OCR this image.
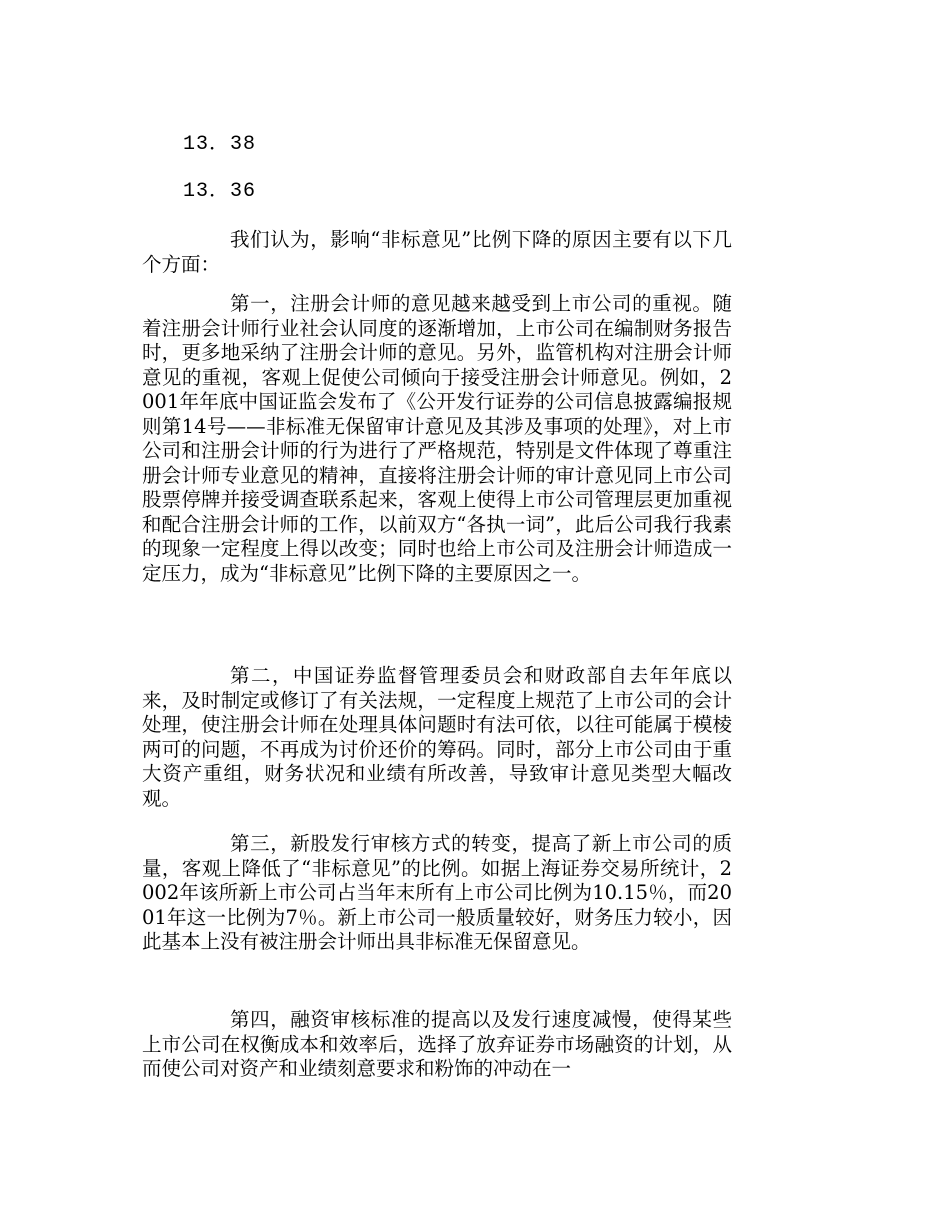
13．38
13．36

我们认为，影响“非标意见”比例下降的原因主要有以下几个方面：

第一，注册会计师的意见越来越受到上市公司的重视。随着注册会计师行业社会认同度的逐渐增加，上市公司在编制财务报告时，更多地采纳了注册会计师的意见。另外，监管机构对注册会计师意见的重视，客观上促使公司倾向于接受注册会计师意见。例如，2001年年底中国证监会发布了《公开发行证券的公司信息披露编报规则第14号——非标准无保留审计意见及其涉及事项的处理》，对上市公司和注册会计师的行为进行了严格规范，特别是文件体现了尊重注册会计师专业意见的精神，直接将注册会计师的审计意见同上市公司股票停牌并接受调查联系起来，客观上使得上市公司管理层更加重视和配合注册会计师的工作，以前双方“各执一词”，此后公司我行我素的现象一定程度上得以改变；同时也给上市公司及注册会计师造成一定压力，成为“非标意见”比例下降的主要原因之一。

第二，中国证券监督管理委员会和财政部自去年年底以来，及时制定或修订了有关法规，一定程度上规范了上市公司的会计处理，使注册会计师在处理具体问题时有法可依，以往可能属于模棱两可的问题，不再成为讨价还价的筹码。同时，部分上市公司由于重大资产重组，财务状况和业绩有所改善，导致审计意见类型大幅改观。

第三，新股发行审核方式的转变，提高了新上市公司的质量，客观上降低了“非标意见”的比例。如据上海证券交易所统计，2002年该所新上市公司占当年末所有上市公司比例为10.15％，而2001年这一比例为7％。新上市公司一般质量较好，财务压力较小，因此基本上没有被注册会计师出具非标准无保留意见。

第四，融资审核标准的提高以及发行速度减慢，使得某些上市公司在权衡成本和效率后，选择了放弃证券市场融资的计划，从而使公司对资产和业绩刻意要求和粉饰的冲动在一
